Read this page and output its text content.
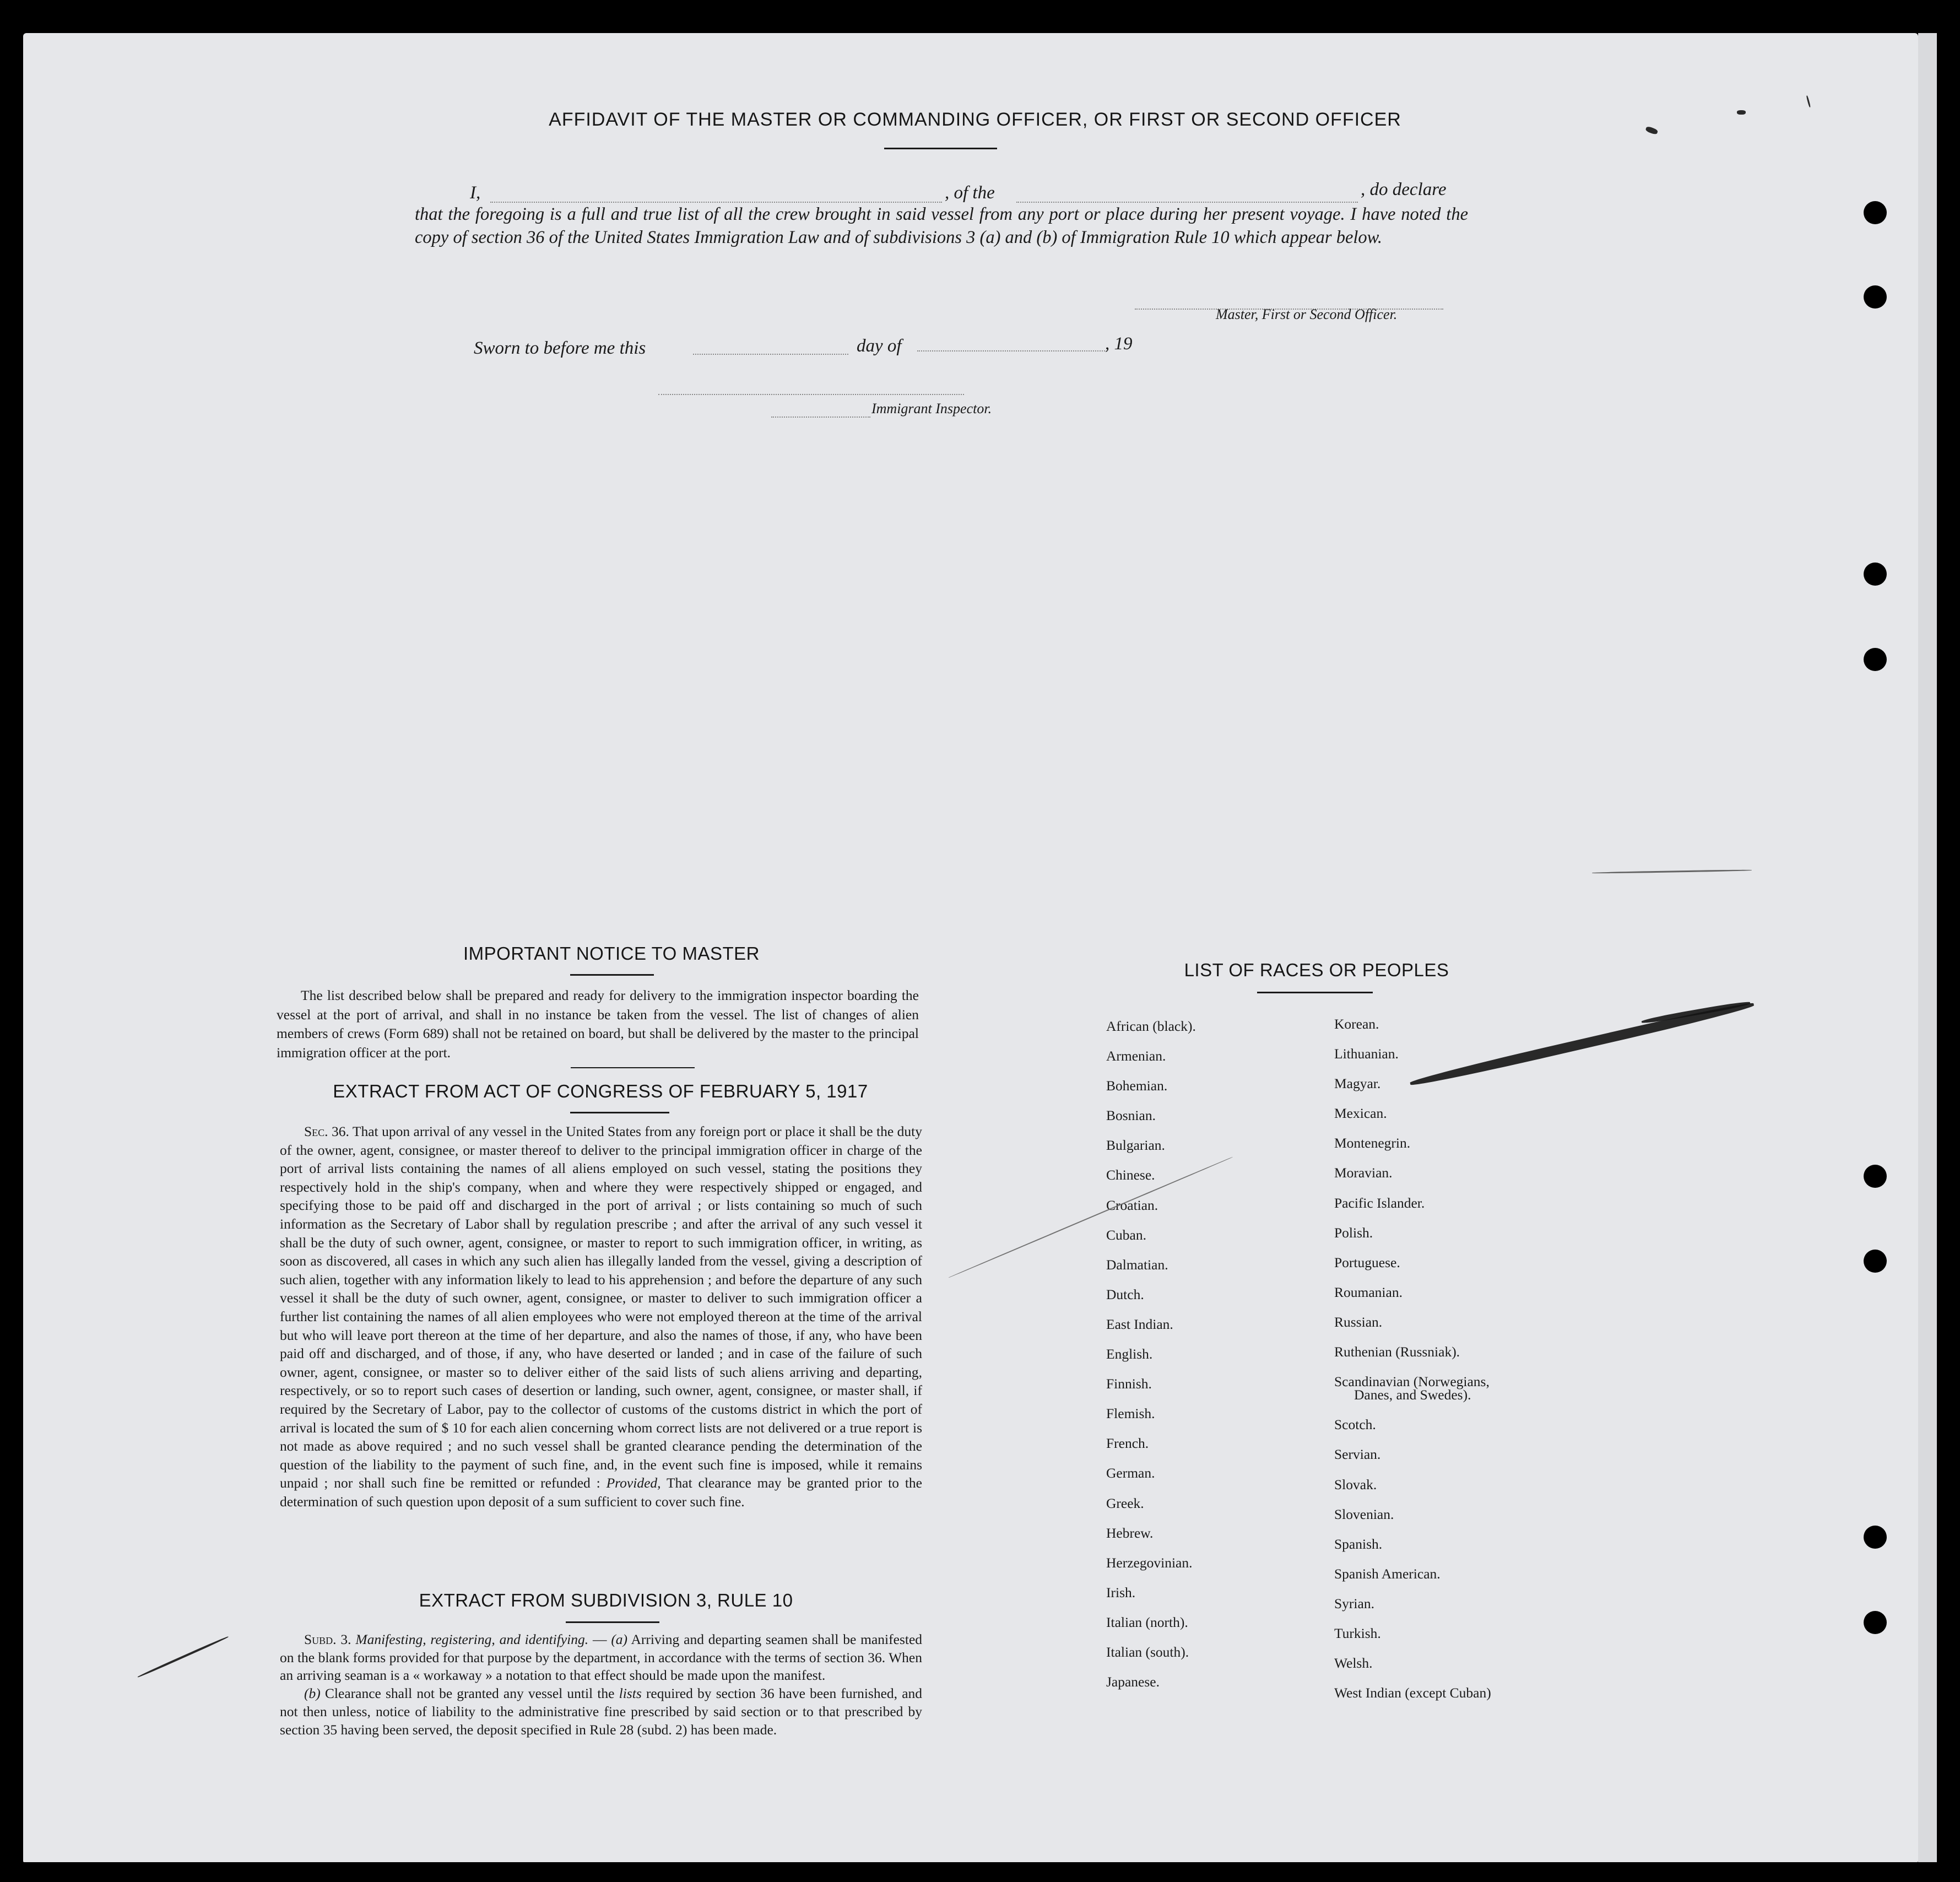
AFFIDAVIT OF THE MASTER OR COMMANDING OFFICER, OR FIRST OR SECOND OFFICER
I,	, of the	, do declare
that the foregoing is a full and true list of all the crew brought in said vessel from any port or place during her present voyage. I have noted the copy of section 36 of the United States Immigration Law and of subdivisions 3 (a) and (b) of Immigration Rule 10 which appear below.
Master, First or Second Officer.
Sworn to before me this	day of	, 19
Immigrant Inspector.
IMPORTANT NOTICE TO MASTER

The list described below shall be prepared and ready for delivery to the immigration inspector boarding the vessel at the port of arrival, and shall in no instance be taken from the vessel. The list of changes of alien members of crews (Form 689) shall not be retained on board, but shall be delivered by the master to the principal immigration officer at the port.

EXTRACT FROM ACT OF CONGRESS OF FEBRUARY 5, 1917

Sec. 36. That upon arrival of any vessel in the United States from any foreign port or place it shall be the duty of the owner, agent, consignee, or master thereof to deliver to the principal immigration officer in charge of the port of arrival lists containing the names of all aliens employed on such vessel, stating the positions they respectively hold in the ship's company, when and where they were respectively shipped or engaged, and specifying those to be paid off and discharged in the port of arrival ; or lists containing so much of such information as the Secretary of Labor shall by regulation prescribe ; and after the arrival of any such vessel it shall be the duty of such owner, agent, consignee, or master to report to such immigration officer, in writing, as soon as discovered, all cases in which any such alien has illegally landed from the vessel, giving a description of such alien, together with any information likely to lead to his apprehension ; and before the departure of any such vessel it shall be the duty of such owner, agent, consignee, or master to deliver to such immigration officer a further list containing the names of all alien employees who were not employed thereon at the time of the arrival but who will leave port thereon at the time of her departure, and also the names of those, if any, who have been paid off and discharged, and of those, if any, who have deserted or landed ; and in case of the failure of such owner, agent, consignee, or master so to deliver either of the said lists of such aliens arriving and departing, respectively, or so to report such cases of desertion or landing, such owner, agent, consignee, or master shall, if required by the Secretary of Labor, pay to the collector of customs of the customs district in which the port of arrival is located the sum of $ 10 for each alien concerning whom correct lists are not delivered or a true report is not made as above required ; and no such vessel shall be granted clearance pending the determination of the question of the liability to the payment of such fine, and, in the event such fine is imposed, while it remains unpaid ; nor shall such fine be remitted or refunded : Provided, That clearance may be granted prior to the determination of such question upon deposit of a sum sufficient to cover such fine.

EXTRACT FROM SUBDIVISION 3, RULE 10

Subd. 3. Manifesting, registering, and identifying. — (a) Arriving and departing seamen shall be manifested on the blank forms provided for that purpose by the department, in accordance with the terms of section 36. When an arriving seaman is a « workaway » a notation to that effect should be made upon the manifest.

(b) Clearance shall not be granted any vessel until the lists required by section 36 have been furnished, and not then unless, notice of liability to the administrative fine prescribed by said section or to that prescribed by section 35 having been served, the deposit specified in Rule 28 (subd. 2) has been made.

LIST OF RACES OR PEOPLES
African (black).
Armenian.
Bohemian.
Bosnian.
Bulgarian.
Chinese.
Croatian.
Cuban.
Dalmatian.
Dutch.
East Indian.
English.
Finnish.
Flemish.
French.
German.
Greek.
Hebrew.
Herzegovinian.
Irish.
Italian (north).
Italian (south).
Japanese.
Korean.
Lithuanian.
Magyar.
Mexican.
Montenegrin.
Moravian.
Pacific Islander.
Polish.
Portuguese.
Roumanian.
Russian.
Ruthenian (Russniak).
Scandinavian (Norwegians,
Danes, and Swedes).
Scotch.
Servian.
Slovak.
Slovenian.
Spanish.
Spanish American.
Syrian.
Turkish.
Welsh.
West Indian (except Cuban)
